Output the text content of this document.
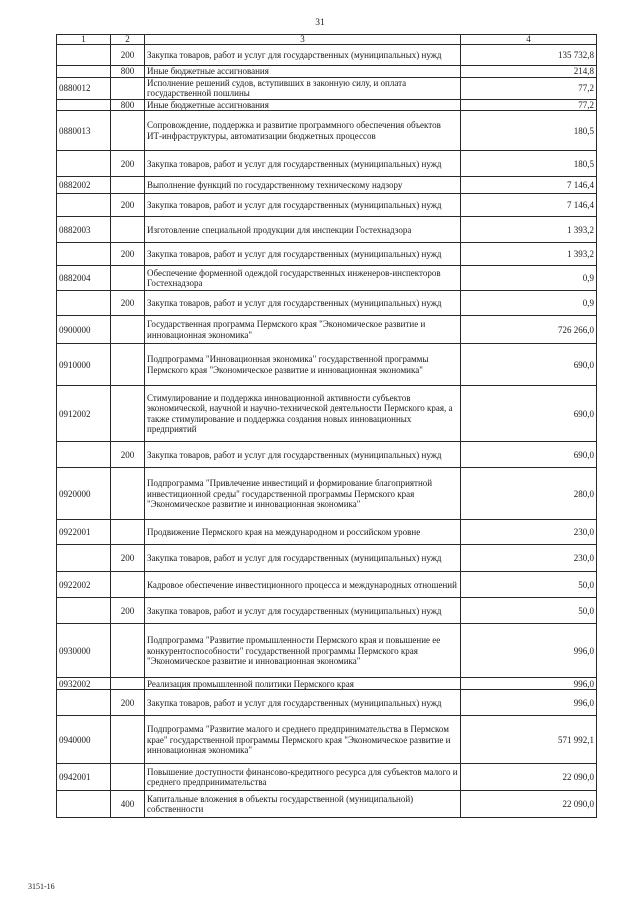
31
1	2	3	4
	200	Закупка товаров, работ и услуг для государственных (муниципальных) нужд	135 732,8
	800	Иные бюджетные ассигнования	214,8
0880012		Исполнение решений судов, вступивших в законную силу, и оплата государственной пошлины	77,2
	800	Иные бюджетные ассигнования	77,2
0880013		Сопровождение, поддержка и развитие программного обеспечения объектов ИТ-инфраструктуры, автоматизации бюджетных процессов	180,5
	200	Закупка товаров, работ и услуг для государственных (муниципальных) нужд	180,5
0882002		Выполнение функций по государственному техническому надзору	7 146,4
	200	Закупка товаров, работ и услуг для государственных (муниципальных) нужд	7 146,4
0882003		Изготовление специальной продукции для инспекции Гостехнадзора	1 393,2
	200	Закупка товаров, работ и услуг для государственных (муниципальных) нужд	1 393,2
0882004		Обеспечение форменной одеждой государственных инженеров-инспекторов Гостехнадзора	0,9
	200	Закупка товаров, работ и услуг для государственных (муниципальных) нужд	0,9
0900000		Государственная программа Пермского края "Экономическое развитие и инновационная экономика"	726 266,0
0910000		Подпрограмма "Инновационная экономика" государственной программы Пермского края "Экономическое развитие и инновационная экономика"	690,0
0912002		Стимулирование и поддержка инновационной активности субъектов экономической, научной и научно-технической деятельности Пермского края, а также стимулирование и поддержка создания новых инновационных предприятий	690,0
	200	Закупка товаров, работ и услуг для государственных (муниципальных) нужд	690,0
0920000		Подпрограмма "Привлечение инвестиций и формирование благоприятной инвестиционной среды" государственной программы Пермского края "Экономическое развитие и инновационная экономика"	280,0
0922001		Продвижение Пермского края на международном и российском уровне	230,0
	200	Закупка товаров, работ и услуг для государственных (муниципальных) нужд	230,0
0922002		Кадровое обеспечение инвестиционного процесса и международных отношений	50,0
	200	Закупка товаров, работ и услуг для государственных (муниципальных) нужд	50,0
0930000		Подпрограмма "Развитие промышленности Пермского края и повышение ее конкурентоспособности" государственной программы Пермского края "Экономическое развитие и инновационная экономика"	996,0
0932002		Реализация промышленной политики Пермского края	996,0
	200	Закупка товаров, работ и услуг для государственных (муниципальных) нужд	996,0
0940000		Подпрограмма "Развитие малого и среднего предпринимательства в Пермском крае" государственной программы Пермского края "Экономическое развитие и инновационная экономика"	571 992,1
0942001		Повышение доступности финансово-кредитного ресурса для субъектов малого и среднего предпринимательства	22 090,0
	400	Капитальные вложения в объекты государственной (муниципальной) собственности	22 090,0
3151-16
